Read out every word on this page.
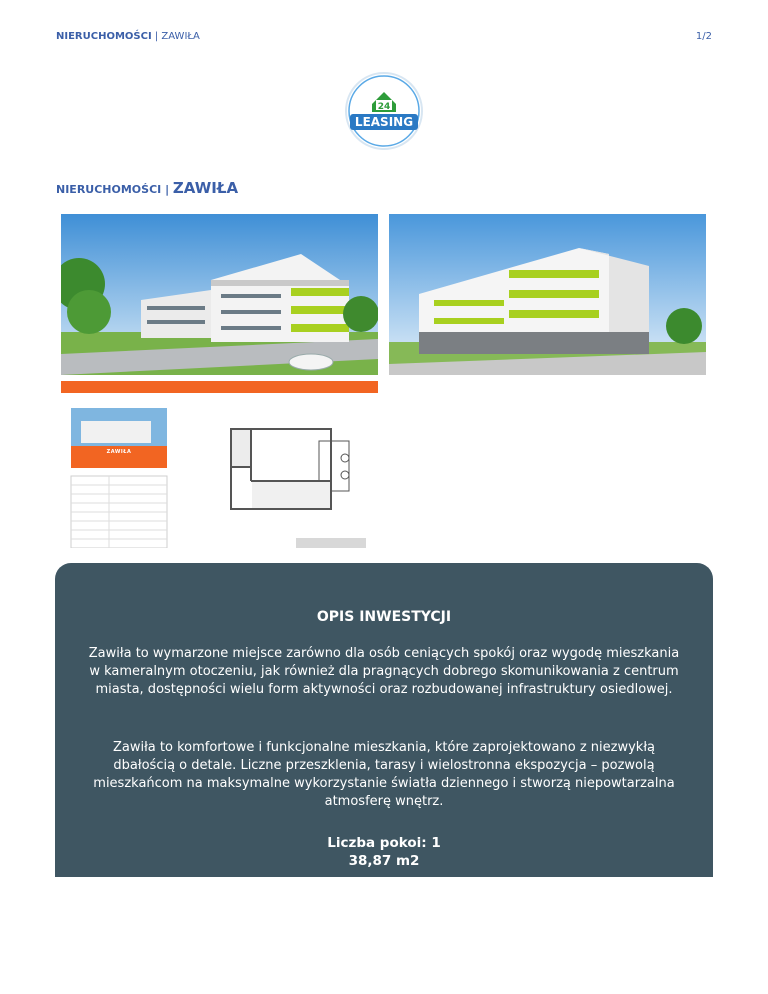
NIERUCHOMOŚCI | ZAWIŁA	1/2
24
LEASING
NIERUCHOMOŚCI | ZAWIŁA
ZAWIŁA
OPIS INWESTYCJI

Zawiła to wymarzone miejsce zarówno dla osób ceniących spokój oraz wygodę mieszkania w kameralnym otoczeniu, jak również dla pragnących dobrego skomunikowania z centrum miasta, dostępności wielu form aktywności oraz rozbudowanej infrastruktury osiedlowej.

Zawiła to komfortowe i funkcjonalne mieszkania, które zaprojektowano z niezwykłą dbałością o detale. Liczne przeszklenia, tarasy i wielostronna ekspozycja – pozwolą mieszkańcom na maksymalne wykorzystanie światła dziennego i stworzą niepowtarzalna atmosferę wnętrz.

Liczba pokoi: 1
38,87 m2
